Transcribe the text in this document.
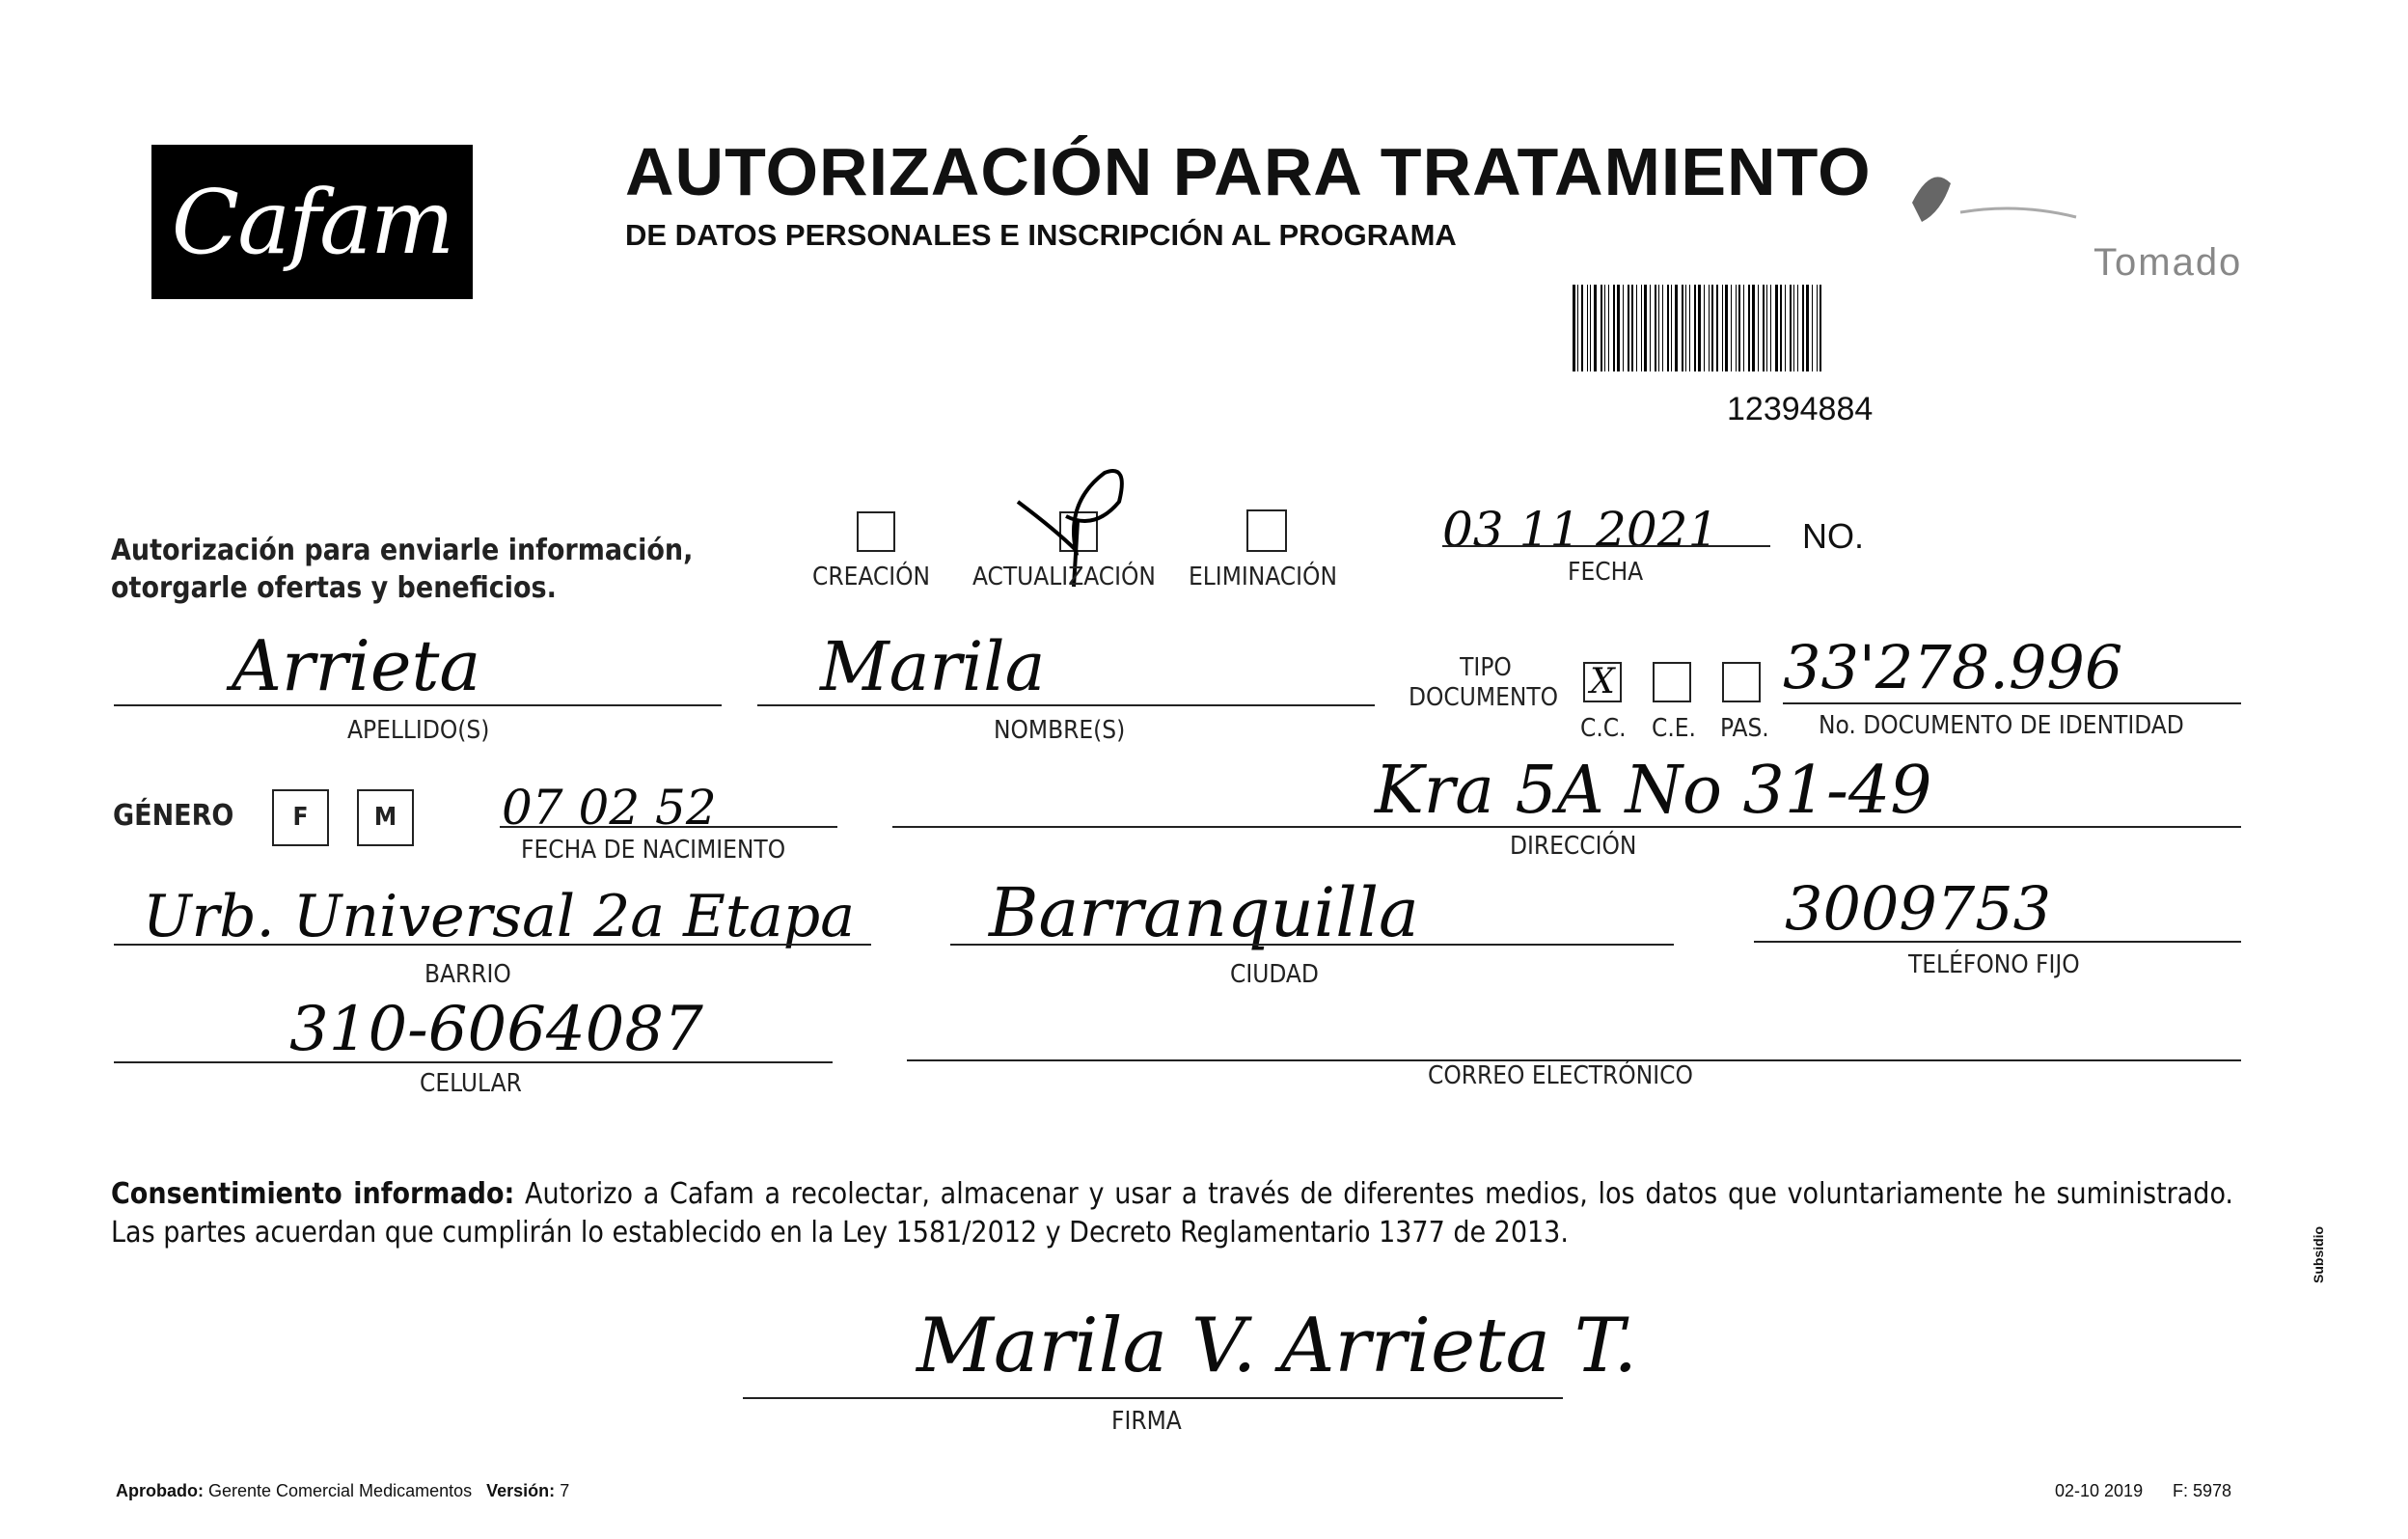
Cafam	AUTORIZACIÓN PARA TRATAMIENTO
DE DATOS PERSONALES E INSCRIPCIÓN AL PROGRAMA
Tomado
12394884
Autorización para enviarle información,
otorgarle ofertas y beneficios.	CREACIÓN ACTUALIZACIÓN ELIMINACIÓN
03 11 2021
FECHA
NO.
Arrieta
APELLIDO(S)
Marila
NOMBRE(S)
TIPO
DOCUMENTO X
C.C. C.E. PAS.
33'278.996
No. DOCUMENTO DE IDENTIDAD
GÉNERO	F	M	07 02 52
FECHA DE NACIMIENTO
Kra 5A No 31-49
DIRECCIÓN
Urb. Universal 2a Etapa
BARRIO
Barranquilla
CIUDAD
3009753
TELÉFONO FIJO
310-6064087
CELULAR	CORREO ELECTRÓNICO
Consentimiento informado: Autorizo a Cafam a recolectar, almacenar y usar a través de diferentes medios, los datos que voluntariamente he suministrado. Las partes acuerdan que cumplirán lo establecido en la Ley 1581/2012 y Decreto Reglamentario 1377 de 2013.
Marila V. Arrieta T.
FIRMA
Aprobado: Gerente Comercial Medicamentos Versión: 7	02-10 2019 F: 5978
Subsidio
